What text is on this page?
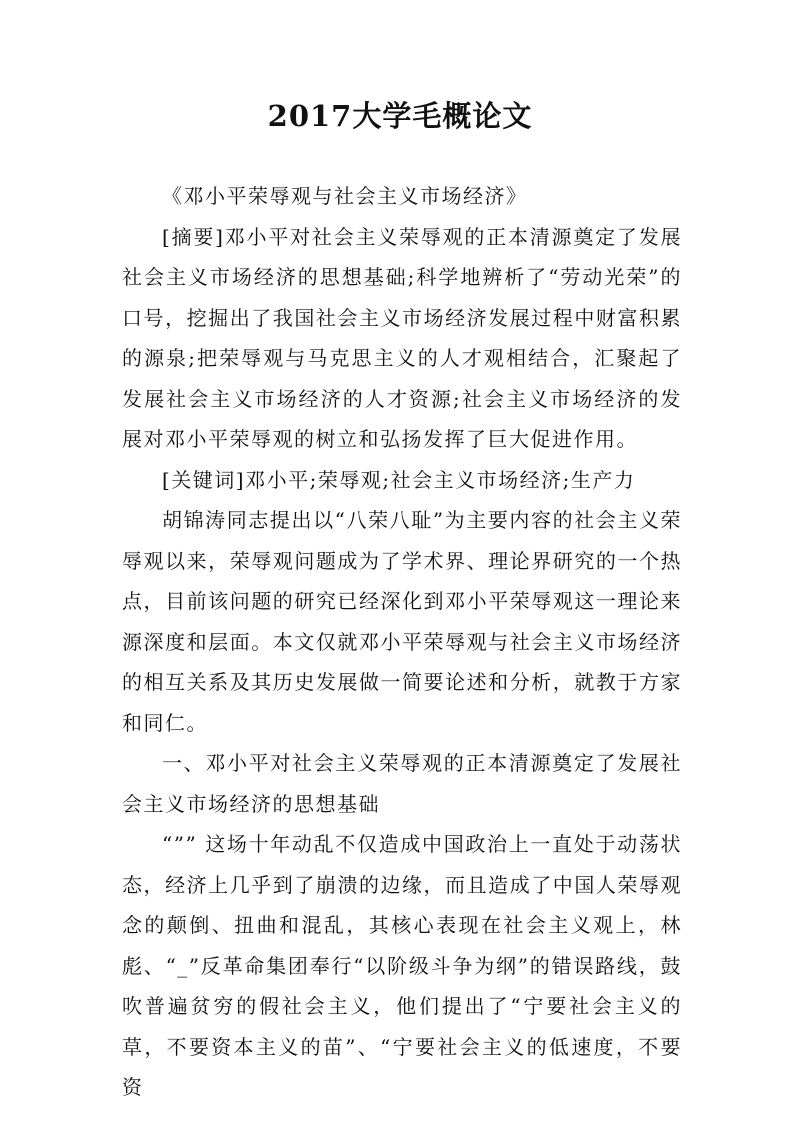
2017大学毛概论文

《邓小平荣辱观与社会主义市场经济》

[摘要]邓小平对社会主义荣辱观的正本清源奠定了发展社会主义市场经济的思想基础;科学地辨析了“劳动光荣”的口号，挖掘出了我国社会主义市场经济发展过程中财富积累的源泉;把荣辱观与马克思主义的人才观相结合，汇聚起了发展社会主义市场经济的人才资源;社会主义市场经济的发展对邓小平荣辱观的树立和弘扬发挥了巨大促进作用。

[关键词]邓小平;荣辱观;社会主义市场经济;生产力

胡锦涛同志提出以“八荣八耻”为主要内容的社会主义荣辱观以来，荣辱观问题成为了学术界、理论界研究的一个热点，目前该问题的研究已经深化到邓小平荣辱观这一理论来源深度和层面。本文仅就邓小平荣辱观与社会主义市场经济的相互关系及其历史发展做一简要论述和分析，就教于方家和同仁。

一、邓小平对社会主义荣辱观的正本清源奠定了发展社会主义市场经济的思想基础

“”” 这场十年动乱不仅造成中国政治上一直处于动荡状态，经济上几乎到了崩溃的边缘，而且造成了中国人荣辱观念的颠倒、扭曲和混乱，其核心表现在社会主义观上，林彪、“_”反革命集团奉行“以阶级斗争为纲”的错误路线，鼓吹普遍贫穷的假社会主义，他们提出了“宁要社会主义的草，不要资本主义的苗”、“宁要社会主义的低速度，不要资
